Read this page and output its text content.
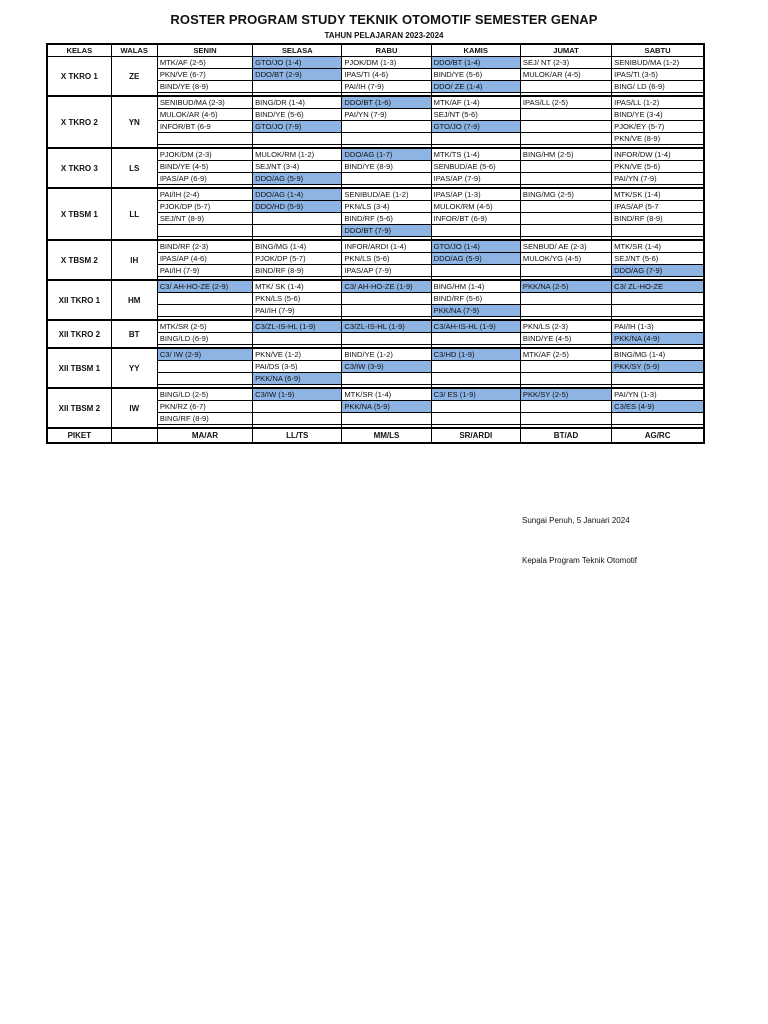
ROSTER PROGRAM STUDY TEKNIK OTOMOTIF SEMESTER GENAP
TAHUN PELAJARAN 2023-2024
KELAS	WALAS	SENIN	SELASA	RABU	KAMIS	JUMAT	SABTU
X TKRO 1	ZE	MTK/AF (2-5)	GTO/JO (1-4)	PJOK/DM (1-3)	DDO/BT (1-4)	SEJ/ NT (2-3)	SENIBUD/MA (1-2)
		PKN/VE (6-7)	DDO/BT (2-9)	IPAS/TI (4-6)	BIND/YE (5-6)	MULOK/AR (4-5)	IPAS/TI (3-5)
		BIND/YE (8-9)		PAI/IH (7-9)	DDO/ ZE (1-4)		BING/ LD (6-9)

X TKRO 2	YN	SENIBUD/MA (2-3)	BING/DR (1-4)	DDO/BT (1-6)	MTK/AF (1-4)	IPAS/LL (2-5)	IPAS/LL (1-2)
		MULOK/AR (4-5)	BIND/YE (5-6)	PAI/YN (7-9)	SEJ/NT (5-6)		BIND/YE (3-4)
		INFOR/BT (6-9	GTO/JO (7-9)		GTO/JO (7-9)		PJOK/EY (5-7)
							PKN/VE (8-9)

X TKRO 3	LS	PJOK/DM (2-3)	MULOK/RM (1-2)	DDO/AG (1-7)	MTK/TS (1-4)	BING/HM (2-5)	INFOR/DW (1-4)
		BIND/YE (4-5)	SEJ/NT (3-4)	BIND/YE (8-9)	SENBUD/AE (5-6)		PKN/VE (5-6)
		IPAS/AP (6-9)	DDO/AG (5-9)		IPAS/AP (7-9)		PAI/YN (7-9)

X TBSM 1	LL	PAI/IH (2-4)	DDO/AG (1-4)	SENIBUD/AE (1-2)	IPAS/AP (1-3)	BING/MG (2-5)	MTK/SK (1-4)
		PJOK/DP (5-7)	DDO/HD (5-9)	PKN/LS (3-4)	MULOK/RM (4-5)		IPAS/AP (5-7
		SEJ/NT (8-9)		BIND/RF (5-6)	INFOR/BT (6-9)		BIND/RF (8-9)
				DDO/BT (7-9)			

X TBSM 2	IH	BIND/RF (2-3)	BING/MG (1-4)	INFOR/ARDI (1-4)	GTO/JO (1-4)	SENBUD/ AE (2-3)	MTK/SR (1-4)
		IPAS/AP (4-6)	PJOK/DP (5-7)	PKN/LS (5-6)	DDO/AG (5-9)	MULOK/YG (4-5)	SEJ/NT (5-6)
		PAI/IH (7-9)	BIND/RF (8-9)	IPAS/AP (7-9)			DDO/AG (7-9)

XII TKRO 1	HM	C3/ AH-HO-ZE (2-9)	MTK/ SK (1-4)	C3/ AH-HO-ZE (1-9)	BING/HM (1-4)	PKK/NA (2-5)	C3/ ZL-HO-ZE
			PKN/LS (5-6)		BIND/RF (5-6)		
			PAI/IH (7-9)		PKK/NA (7-9)		

XII TKRO 2	BT	MTK/SR (2-5)	C3/ZL-IS-HL (1-9)	C3/ZL-IS-HL (1-9)	C3/AH-IS-HL (1-9)	PKN/LS (2-3)	PAI/IH (1-3)
		BING/LD (6-9)				BIND/YE (4-5)	PKK/NA (4-9)

XII TBSM 1	YY	C3/ IW (2-9)	PKN/VE (1-2)	BIND/YE (1-2)	C3/HD (1-9)	MTK/AF (2-5)	BING/MG (1-4)
			PAI/DS (3-5)	C3/IW (3-9)			PKK/SY (5-9)
			PKK/NA (6-9)				

XII TBSM 2	IW	BING/LD (2-5)	C3/IW (1-9)	MTK/SR (1-4)	C3/ ES (1-9)	PKK/SY (2-5)	PAI/YN (1-3)
		PKN/RZ (6-7)		PKK/NA (5-9)			C3/ES (4-9)
		BING/RF (8-9)					

PIKET		MA/AR	LL/TS	MM/LS	SR/ARDI	BT/AD	AG/RC
Sungai Penuh, 5 Januari 2024
Kepala Program Teknik Otomotif
